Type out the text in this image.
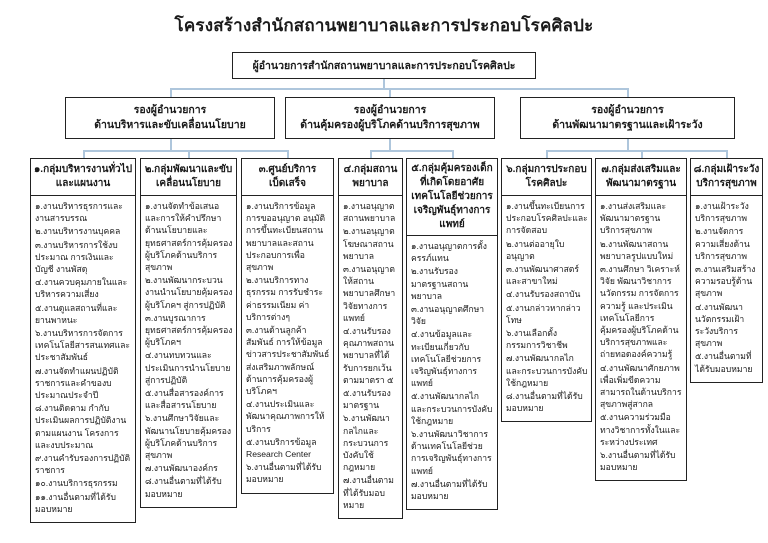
โครงสร้างสำนักสถานพยาบาลและการประกอบโรคศิลปะ
ผู้อำนวยการสำนักสถานพยาบาลและการประกอบโรคศิลปะ
รองผู้อำนวยการ
ด้านบริหารและขับเคลื่อนนโยบาย
รองผู้อำนวยการ
ด้านคุ้มครองผู้บริโภคด้านบริการสุขภาพ
รองผู้อำนวยการ
ด้านพัฒนามาตรฐานและเฝ้าระวัง
๑.กลุ่มบริหารงานทั่วไปและแผนงาน
๑.งานบริหารธุรการและงานสารบรรณ
๒.งานบริหารงานบุคคล
๓.งานบริหารการใช้งบประมาณ การเงินและบัญชี งานพัสดุ
๔.งานควบคุมภายในและบริหารความเสี่ยง
๕.งานดูแลสถานที่และยานพาหนะ
๖.งานบริหารการจัดการเทคโนโลยีสารสนเทศและประชาสัมพันธ์
๗.งานจัดทำแผนปฏิบัติราชการและคำของบประมาณประจำปี
๘.งานติดตาม กำกับ ประเมินผลการปฏิบัติงานตามแผนงาน โครงการและงบประมาณ
๙.งานคำรับรองการปฏิบัติราชการ
๑๐.งานบริการธุรกรรม
๑๑.งานอื่นตามที่ได้รับมอบหมาย
๒.กลุ่มพัฒนาและขับเคลื่อนนโยบาย
๑.งานจัดทำข้อเสนอและการให้คำปรึกษาด้านนโยบายและยุทธศาสตร์การคุ้มครองผู้บริโภคด้านบริการสุขภาพ
๒.งานพัฒนากระบวนงานนำนโยบายคุ้มครองผู้บริโภคฯ สู่การปฏิบัติ
๓.งานบูรณาการยุทธศาสตร์การคุ้มครองผู้บริโภคฯ
๔.งานทบทวนและประเมินการนำนโยบายสู่การปฏิบัติ
๕.งานสื่อสารองค์การและสื่อสารนโยบาย
๖.งานศึกษาวิจัยและพัฒนานโยบายคุ้มครองผู้บริโภคด้านบริการสุขภาพ
๗.งานพัฒนาองค์กร
๘.งานอื่นตามที่ได้รับมอบหมาย
๓.ศูนย์บริการเบ็ดเสร็จ
๑.งานบริการข้อมูลการขออนุญาต อนุมัติ การขึ้นทะเบียนสถานพยาบาลและสถานประกอบการเพื่อสุขภาพ
๒.งานบริการทางธุรกรรม การรับชำระค่าธรรมเนียม ค่าบริการต่างๆ
๓.งานด้านลูกค้าสัมพันธ์ การให้ข้อมูลข่าวสารประชาสัมพันธ์ส่งเสริมภาพลักษณ์ด้านการคุ้มครองผู้บริโภคฯ
๔.งานประเมินและพัฒนาคุณภาพการให้บริการ
๕.งานบริการข้อมูล Research Center
๖.งานอื่นตามที่ได้รับมอบหมาย
๔.กลุ่มสถานพยาบาล
๑.งานอนุญาตสถานพยาบาล
๒.งานอนุญาตโฆษณาสถานพยาบาล
๓.งานอนุญาตให้สถานพยาบาลศึกษา วิจัยทางการแพทย์
๔.งานรับรองคุณภาพสถานพยาบาลที่ได้รับการยกเว้นตามมาตรา ๕
๕.งานรับรองมาตรฐาน
๖.งานพัฒนากลไกและกระบวนการบังคับใช้กฎหมาย
๗.งานอื่นตามที่ได้รับมอบหมาย
๕.กลุ่มคุ้มครองเด็กที่เกิดโดยอาศัยเทคโนโลยีช่วยการเจริญพันธุ์ทางการแพทย์
๑.งานอนุญาตการตั้งครรภ์แทน
๒.งานรับรองมาตรฐานสถานพยาบาล
๓.งานอนุญาตศึกษาวิจัย
๔.งานข้อมูลและทะเบียนเกี่ยวกับเทคโนโลยีช่วยการเจริญพันธุ์ทางการแพทย์
๕.งานพัฒนากลไกและกระบวนการบังคับใช้กฎหมาย
๖.งานพัฒนาวิชาการด้านเทคโนโลยีช่วยการเจริญพันธุ์ทางการแพทย์
๗.งานอื่นตามที่ได้รับมอบหมาย
๖.กลุ่มการประกอบโรคศิลปะ
๑.งานขึ้นทะเบียนการประกอบโรคศิลปะและการจัดสอบ
๒.งานต่ออายุใบอนุญาต
๓.งานพัฒนาศาสตร์และสาขาใหม่
๔.งานรับรองสถาบัน
๕.งานกล่าวหากล่าวโทษ
๖.งานเลือกตั้งกรรมการวิชาชีพ
๗.งานพัฒนากลไกและกระบวนการบังคับใช้กฎหมาย
๘.งานอื่นตามที่ได้รับมอบหมาย
๗.กลุ่มส่งเสริมและพัฒนามาตรฐาน
๑.งานส่งเสริมและพัฒนามาตรฐานบริการสุขภาพ
๒.งานพัฒนาสถานพยาบาลรูปแบบใหม่
๓.งานศึกษา วิเคราะห์ วิจัย พัฒนาวิชาการ นวัตกรรม การจัดการความรู้ และประเมินเทคโนโลยีการคุ้มครองผู้บริโภคด้านบริการสุขภาพและถ่ายทอดองค์ความรู้
๔.งานพัฒนาศักยภาพเพื่อเพิ่มขีดความสามารถในด้านบริการสุขภาพสู่สากล
๕.งานความร่วมมือทางวิชาการทั้งในและระหว่างประเทศ
๖.งานอื่นตามที่ได้รับมอบหมาย
๘.กลุ่มเฝ้าระวังบริการสุขภาพ
๑.งานเฝ้าระวังบริการสุขภาพ
๒.งานจัดการความเสี่ยงด้านบริการสุขภาพ
๓.งานเสริมสร้างความรอบรู้ด้านสุขภาพ
๔.งานพัฒนานวัตกรรมเฝ้าระวังบริการสุขภาพ
๕.งานอื่นตามที่ได้รับมอบหมาย
